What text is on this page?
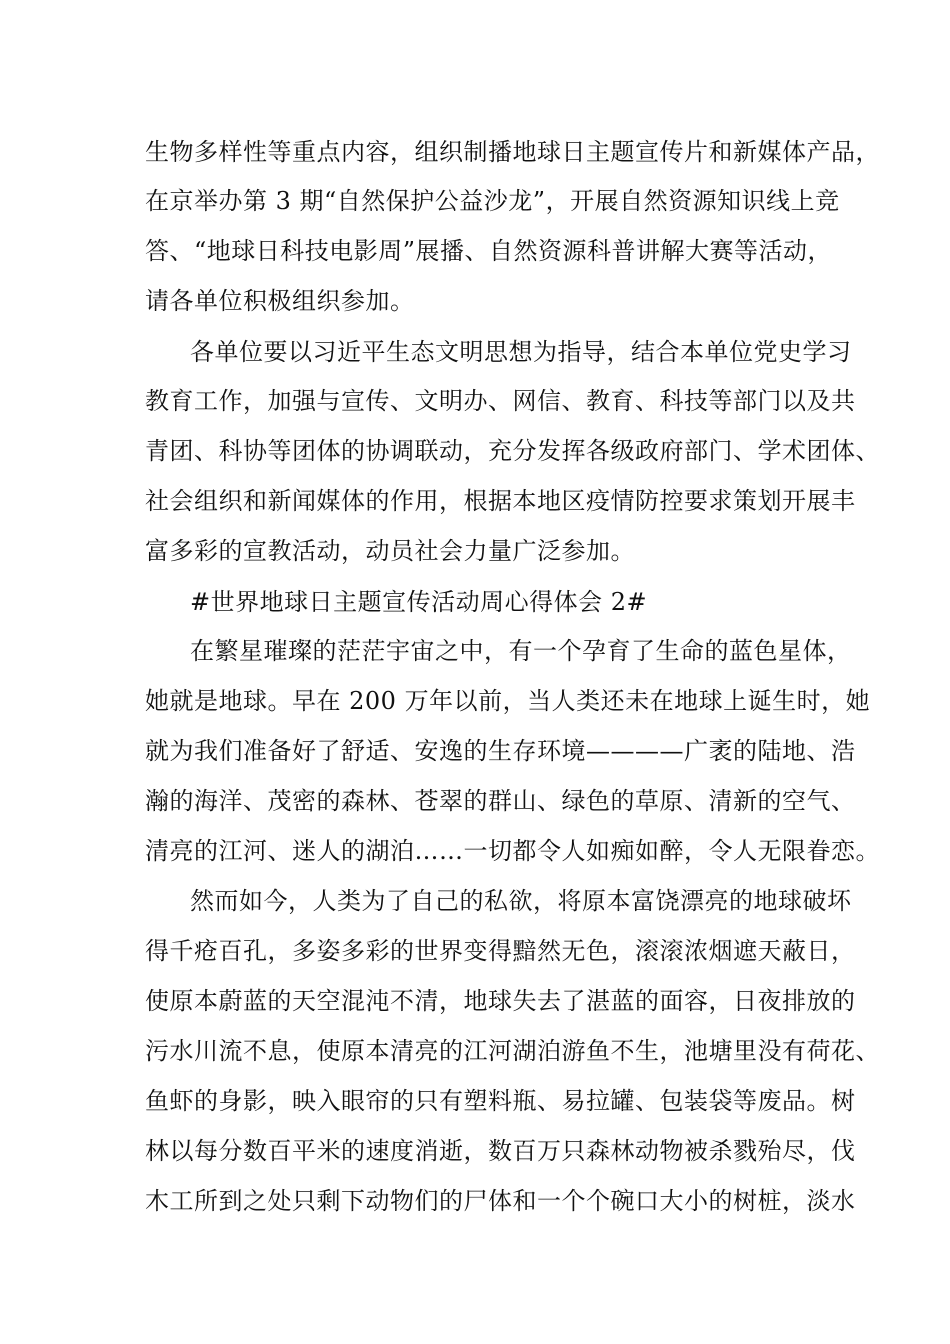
生物多样性等重点内容，组织制播地球日主题宣传片和新媒体产品，
在京举办第 3 期“自然保护公益沙龙”，开展自然资源知识线上竞
答、“地球日科技电影周”展播、自然资源科普讲解大赛等活动，
请各单位积极组织参加。
各单位要以习近平生态文明思想为指导，结合本单位党史学习
教育工作，加强与宣传、文明办、网信、教育、科技等部门以及共
青团、科协等团体的协调联动，充分发挥各级政府部门、学术团体、
社会组织和新闻媒体的作用，根据本地区疫情防控要求策划开展丰
富多彩的宣教活动，动员社会力量广泛参加。
#世界地球日主题宣传活动周心得体会 2#
在繁星璀璨的茫茫宇宙之中，有一个孕育了生命的蓝色星体，
她就是地球。早在 200 万年以前，当人类还未在地球上诞生时，她
就为我们准备好了舒适、安逸的生存环境————广袤的陆地、浩
瀚的海洋、茂密的森林、苍翠的群山、绿色的草原、清新的空气、
清亮的江河、迷人的湖泊……一切都令人如痴如醉，令人无限眷恋。
然而如今，人类为了自己的私欲，将原本富饶漂亮的地球破坏
得千疮百孔，多姿多彩的世界变得黯然无色，滚滚浓烟遮天蔽日，
使原本蔚蓝的天空混沌不清，地球失去了湛蓝的面容，日夜排放的
污水川流不息，使原本清亮的江河湖泊游鱼不生，池塘里没有荷花、
鱼虾的身影，映入眼帘的只有塑料瓶、易拉罐、包装袋等废品。树
林以每分数百平米的速度消逝，数百万只森林动物被杀戮殆尽，伐
木工所到之处只剩下动物们的尸体和一个个碗口大小的树桩，淡水
